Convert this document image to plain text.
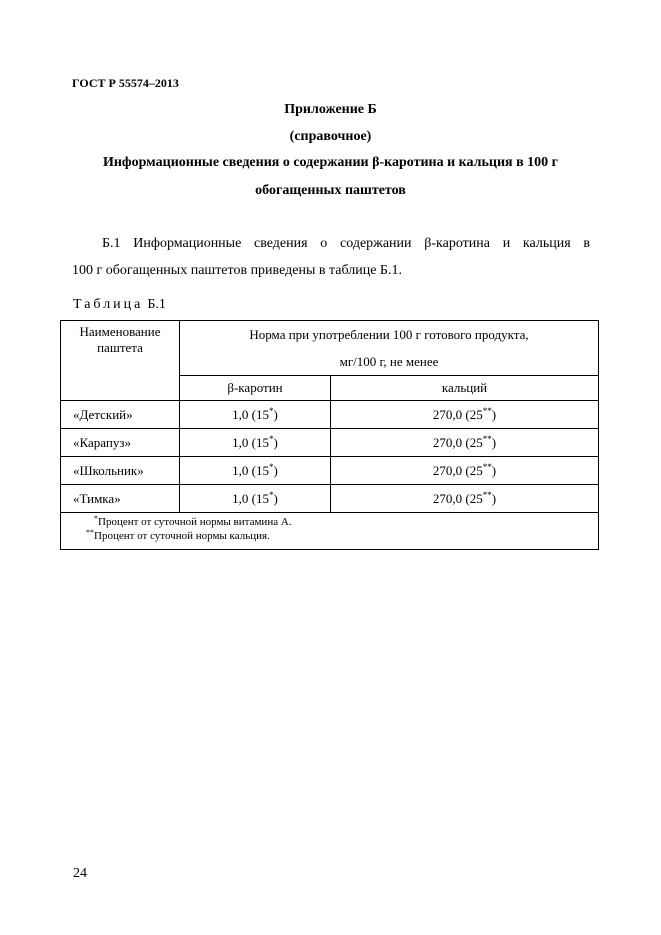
ГОСТ Р 55574–2013
Приложение Б
(справочное)
Информационные сведения о содержании β-каротина и кальция в 100 г
обогащенных паштетов
Б.1 Информационные сведения о содержании β-каротина и кальция в
100 г обогащенных паштетов приведены в таблице Б.1.
Таблица Б.1
Наименование паштета	Норма при употреблении 100 г готового продукта,
мг/100 г, не менее	

	β-каротин	кальций
«Детский»	1,0 (15*)	270,0 (25**)
«Карапуз»	1,0 (15*)	270,0 (25**)
«Школьник»	1,0 (15*)	270,0 (25**)
«Тимка»	1,0 (15*)	270,0 (25**)

*Процент от суточной нормы витамина А.
**Процент от суточной нормы кальция.		
24
